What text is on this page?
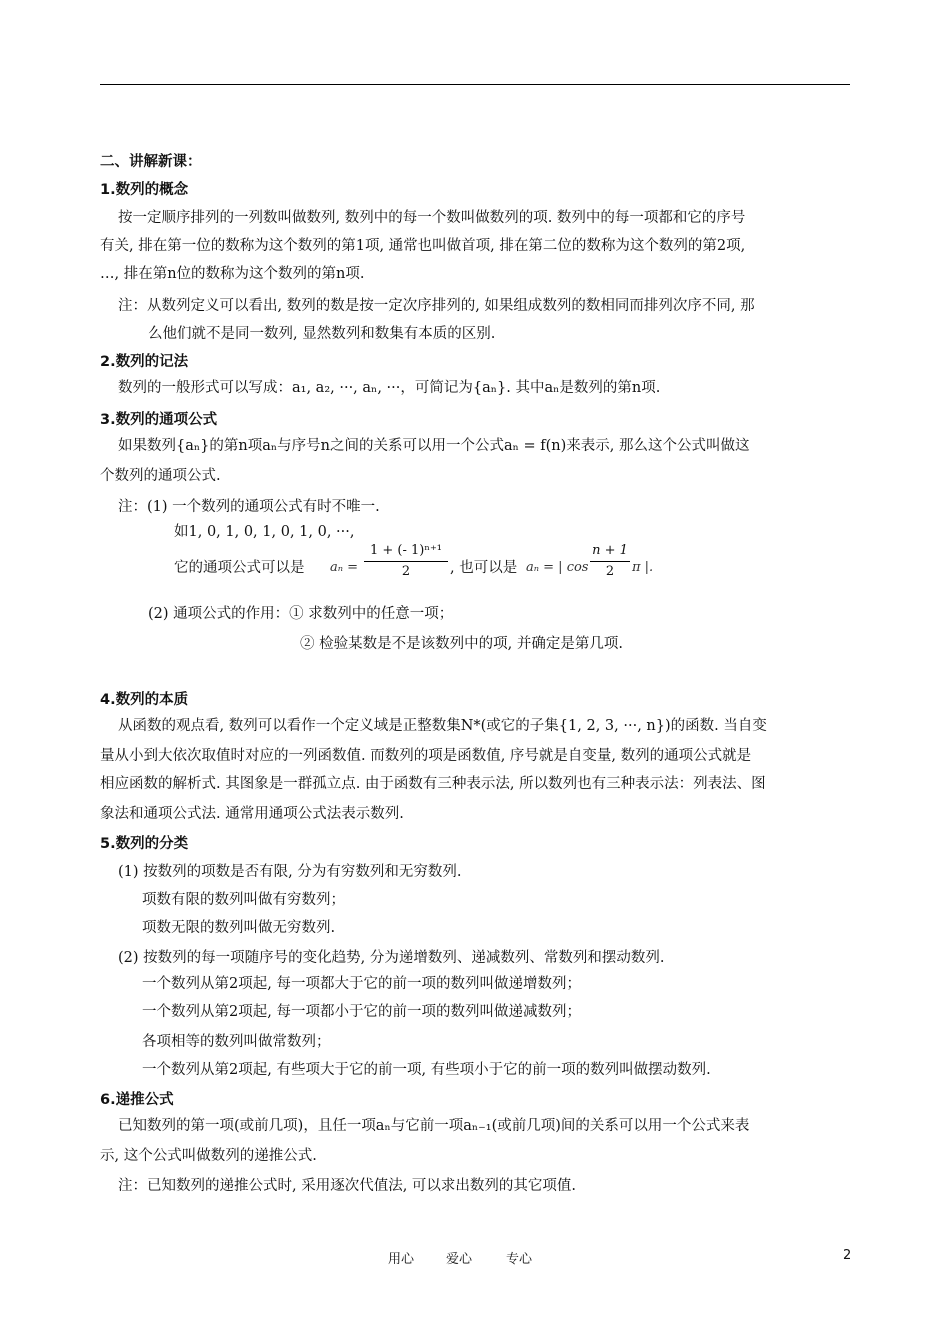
二、讲解新课：
1.数列的概念
按一定顺序排列的一列数叫做数列, 数列中的每一个数叫做数列的项. 数列中的每一项都和它的序号
有关, 排在第一位的数称为这个数列的第1项, 通常也叫做首项, 排在第二位的数称为这个数列的第2项,
…, 排在第n位的数称为这个数列的第n项.
注：从数列定义可以看出, 数列的数是按一定次序排列的, 如果组成数列的数相同而排列次序不同, 那
么他们就不是同一数列, 显然数列和数集有本质的区别.
2.数列的记法
数列的一般形式可以写成：a₁, a₂, ···, aₙ, ···，可简记为{aₙ}. 其中aₙ是数列的第n项.
3.数列的通项公式
如果数列{aₙ}的第n项aₙ与序号n之间的关系可以用一个公式aₙ = f(n)来表示, 那么这个公式叫做这
个数列的通项公式.
注：(1) 一个数列的通项公式有时不唯一.
如1, 0, 1, 0, 1, 0, 1, 0, ···,
它的通项公式可以是 aₙ =
1 + (- 1)ⁿ⁺¹
2	, 也可以是 aₙ = | cos
n + 1
2	π |.
(2) 通项公式的作用：① 求数列中的任意一项；
② 检验某数是不是该数列中的项, 并确定是第几项.
4.数列的本质
从函数的观点看, 数列可以看作一个定义域是正整数集N*(或它的子集{1, 2, 3, ···, n})的函数. 当自变
量从小到大依次取值时对应的一列函数值. 而数列的项是函数值, 序号就是自变量, 数列的通项公式就是
相应函数的解析式. 其图象是一群孤立点. 由于函数有三种表示法, 所以数列也有三种表示法：列表法、图
象法和通项公式法. 通常用通项公式法表示数列.
5.数列的分类
(1) 按数列的项数是否有限, 分为有穷数列和无穷数列.
项数有限的数列叫做有穷数列；
项数无限的数列叫做无穷数列.
(2) 按数列的每一项随序号的变化趋势, 分为递增数列、递减数列、常数列和摆动数列.
一个数列从第2项起, 每一项都大于它的前一项的数列叫做递增数列；
一个数列从第2项起, 每一项都小于它的前一项的数列叫做递减数列；
各项相等的数列叫做常数列；
一个数列从第2项起, 有些项大于它的前一项, 有些项小于它的前一项的数列叫做摆动数列.
6.递推公式
已知数列的第一项(或前几项)，且任一项aₙ与它前一项aₙ₋₁(或前几项)间的关系可以用一个公式来表
示, 这个公式叫做数列的递推公式.
注：已知数列的递推公式时, 采用逐次代值法, 可以求出数列的其它项值.
用心 爱心	专心	2
